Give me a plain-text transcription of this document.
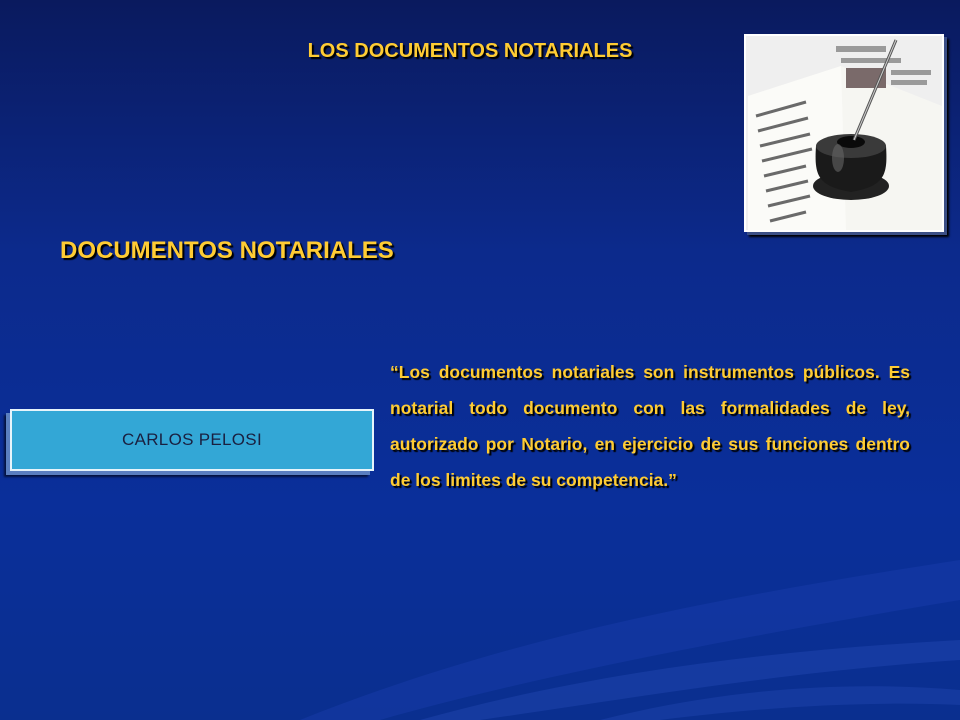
LOS DOCUMENTOS NOTARIALES
DOCUMENTOS NOTARIALES
CARLOS PELOSI
“Los documentos notariales son instrumentos públicos. Es notarial todo documento con las formalidades de ley, autorizado por Notario, en ejercicio de sus funciones dentro de los limites de su competencia.”
